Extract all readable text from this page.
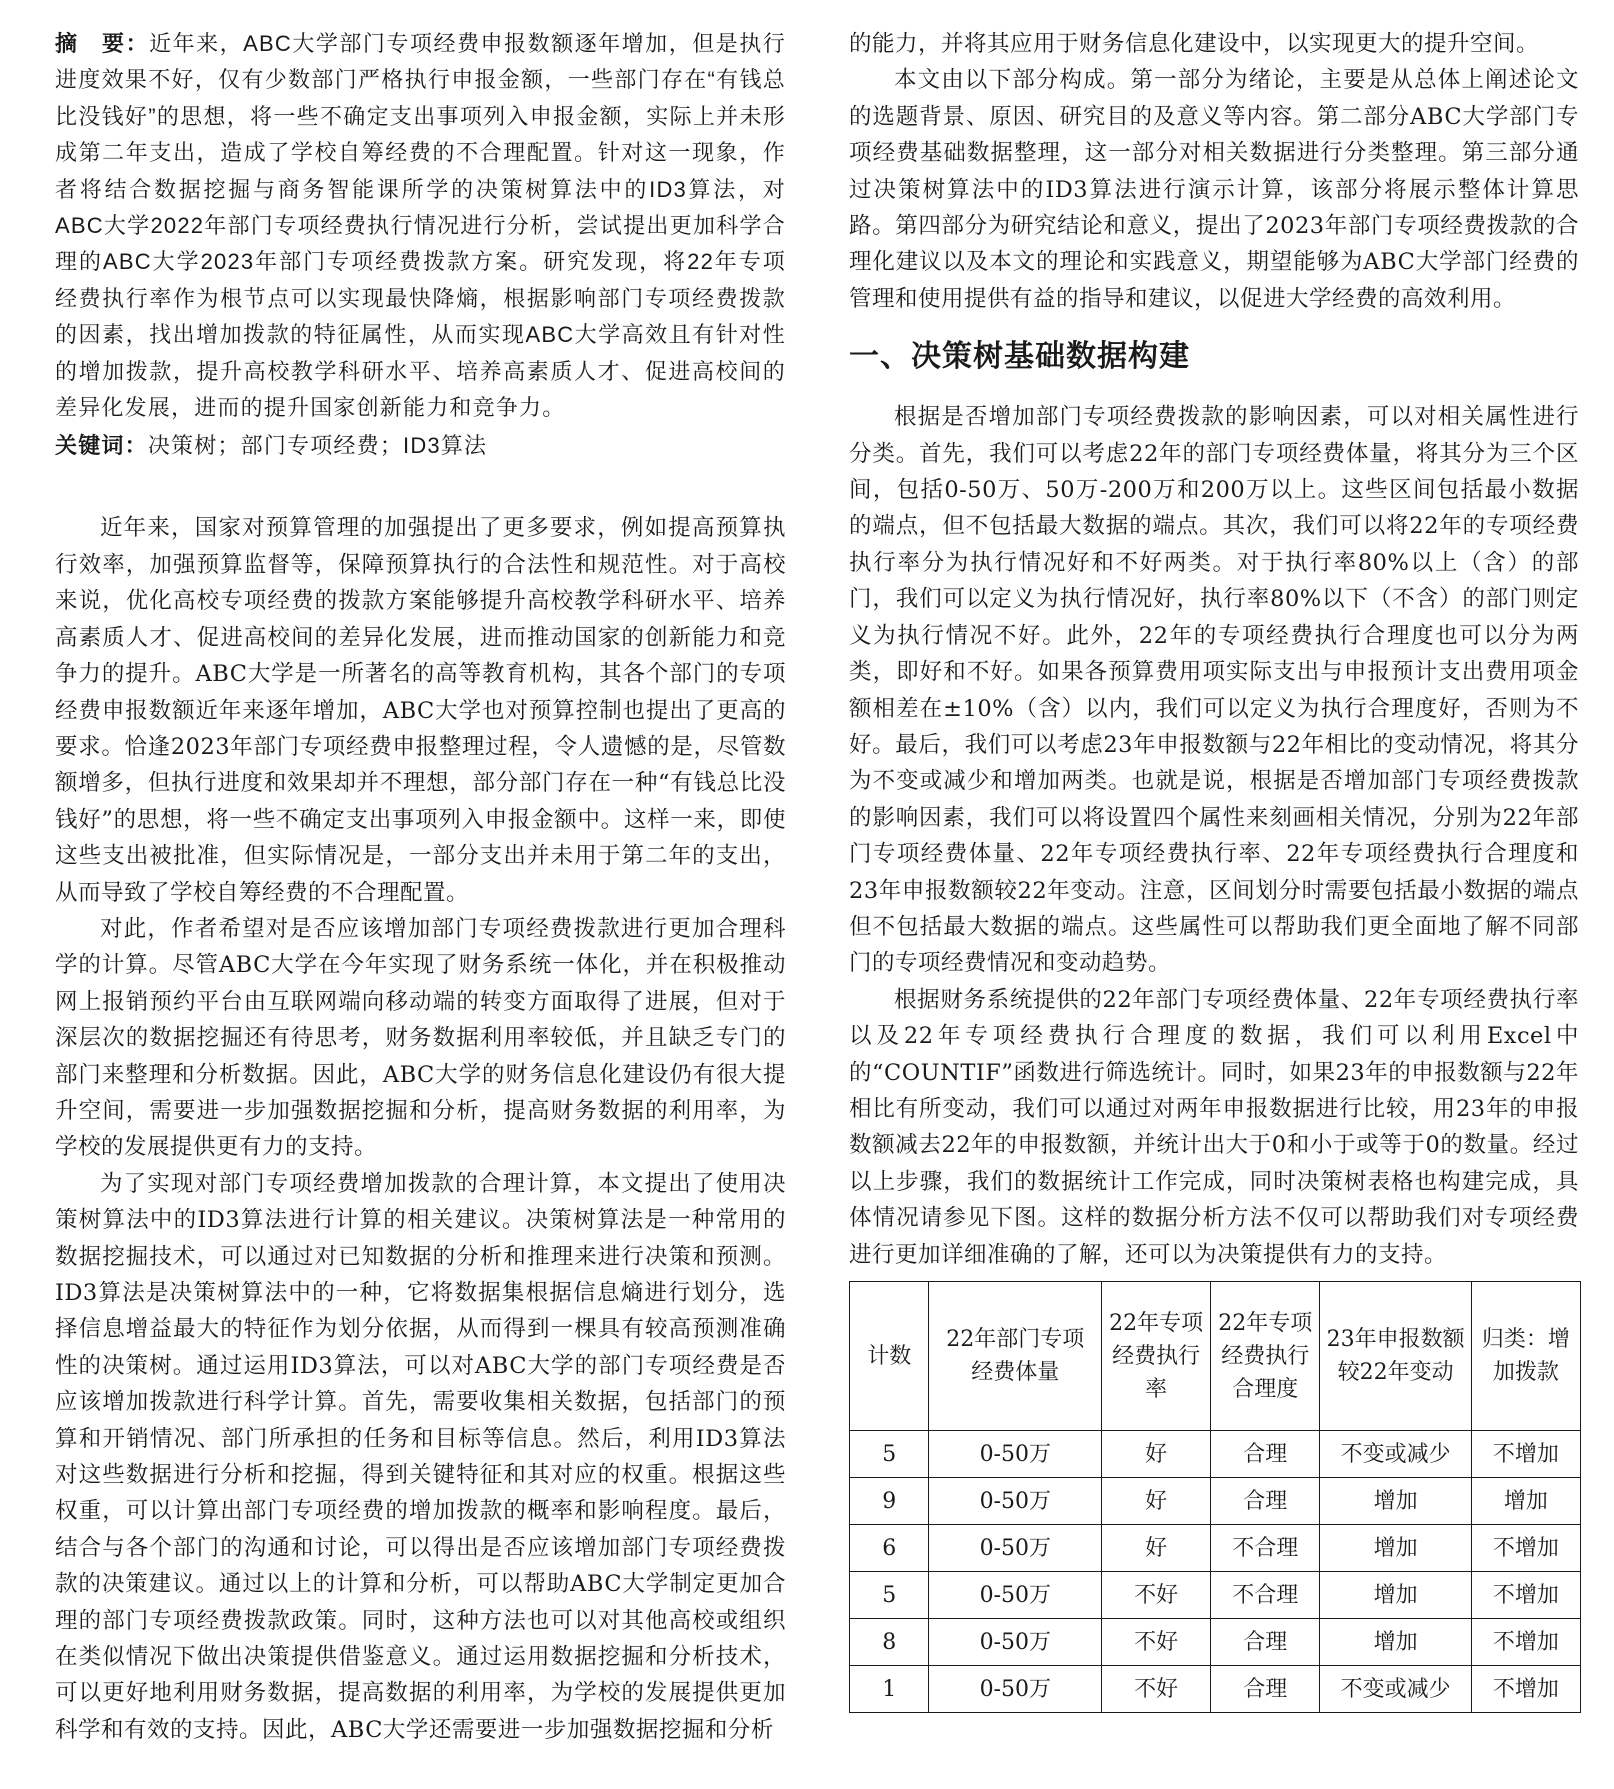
摘　要：近年来，ABC大学部门专项经费申报数额逐年增加，但是执行进度效果不好，仅有少数部门严格执行申报金额，一些部门存在“有钱总比没钱好”的思想，将一些不确定支出事项列入申报金额，实际上并未形成第二年支出，造成了学校自筹经费的不合理配置。针对这一现象，作者将结合数据挖掘与商务智能课所学的决策树算法中的ID3算法，对ABC大学2022年部门专项经费执行情况进行分析，尝试提出更加科学合理的ABC大学2023年部门专项经费拨款方案。研究发现，将22年专项经费执行率作为根节点可以实现最快降熵，根据影响部门专项经费拨款的因素，找出增加拨款的特征属性，从而实现ABC大学高效且有针对性的增加拨款，提升高校教学科研水平、培养高素质人才、促进高校间的差异化发展，进而的提升国家创新能力和竞争力。

关键词：决策树；部门专项经费；ID3算法

近年来，国家对预算管理的加强提出了更多要求，例如提高预算执行效率，加强预算监督等，保障预算执行的合法性和规范性。对于高校来说，优化高校专项经费的拨款方案能够提升高校教学科研水平、培养高素质人才、促进高校间的差异化发展，进而推动国家的创新能力和竞争力的提升。ABC大学是一所著名的高等教育机构，其各个部门的专项经费申报数额近年来逐年增加，ABC大学也对预算控制也提出了更高的要求。恰逢2023年部门专项经费申报整理过程，令人遗憾的是，尽管数额增多，但执行进度和效果却并不理想，部分部门存在一种“有钱总比没钱好”的思想，将一些不确定支出事项列入申报金额中。这样一来，即使这些支出被批准，但实际情况是，一部分支出并未用于第二年的支出，从而导致了学校自筹经费的不合理配置。

对此，作者希望对是否应该增加部门专项经费拨款进行更加合理科学的计算。尽管ABC大学在今年实现了财务系统一体化，并在积极推动网上报销预约平台由互联网端向移动端的转变方面取得了进展，但对于深层次的数据挖掘还有待思考，财务数据利用率较低，并且缺乏专门的部门来整理和分析数据。因此，ABC大学的财务信息化建设仍有很大提升空间，需要进一步加强数据挖掘和分析，提高财务数据的利用率，为学校的发展提供更有力的支持。

为了实现对部门专项经费增加拨款的合理计算，本文提出了使用决策树算法中的ID3算法进行计算的相关建议。决策树算法是一种常用的数据挖掘技术，可以通过对已知数据的分析和推理来进行决策和预测。ID3算法是决策树算法中的一种，它将数据集根据信息熵进行划分，选择信息增益最大的特征作为划分依据，从而得到一棵具有较高预测准确性的决策树。通过运用ID3算法，可以对ABC大学的部门专项经费是否应该增加拨款进行科学计算。首先，需要收集相关数据，包括部门的预算和开销情况、部门所承担的任务和目标等信息。然后，利用ID3算法对这些数据进行分析和挖掘，得到关键特征和其对应的权重。根据这些权重，可以计算出部门专项经费的增加拨款的概率和影响程度。最后，结合与各个部门的沟通和讨论，可以得出是否应该增加部门专项经费拨款的决策建议。通过以上的计算和分析，可以帮助ABC大学制定更加合理的部门专项经费拨款政策。同时，这种方法也可以对其他高校或组织在类似情况下做出决策提供借鉴意义。通过运用数据挖掘和分析技术，可以更好地利用财务数据，提高数据的利用率，为学校的发展提供更加科学和有效的支持。因此，ABC大学还需要进一步加强数据挖掘和分析

的能力，并将其应用于财务信息化建设中，以实现更大的提升空间。

本文由以下部分构成。第一部分为绪论，主要是从总体上阐述论文的选题背景、原因、研究目的及意义等内容。第二部分ABC大学部门专项经费基础数据整理，这一部分对相关数据进行分类整理。第三部分通过决策树算法中的ID3算法进行演示计算，该部分将展示整体计算思路。第四部分为研究结论和意义，提出了2023年部门专项经费拨款的合理化建议以及本文的理论和实践意义，期望能够为ABC大学部门经费的管理和使用提供有益的指导和建议，以促进大学经费的高效利用。

一、决策树基础数据构建

根据是否增加部门专项经费拨款的影响因素，可以对相关属性进行分类。首先，我们可以考虑22年的部门专项经费体量，将其分为三个区间，包括0-50万、50万-200万和200万以上。这些区间包括最小数据的端点，但不包括最大数据的端点。其次，我们可以将22年的专项经费执行率分为执行情况好和不好两类。对于执行率80%以上（含）的部门，我们可以定义为执行情况好，执行率80%以下（不含）的部门则定义为执行情况不好。此外，22年的专项经费执行合理度也可以分为两类，即好和不好。如果各预算费用项实际支出与申报预计支出费用项金额相差在±10%（含）以内，我们可以定义为执行合理度好，否则为不好。最后，我们可以考虑23年申报数额与22年相比的变动情况，将其分为不变或减少和增加两类。也就是说，根据是否增加部门专项经费拨款的影响因素，我们可以将设置四个属性来刻画相关情况，分别为22年部门专项经费体量、22年专项经费执行率、22年专项经费执行合理度和23年申报数额较22年变动。注意，区间划分时需要包括最小数据的端点但不包括最大数据的端点。这些属性可以帮助我们更全面地了解不同部门的专项经费情况和变动趋势。

根据财务系统提供的22年部门专项经费体量、22年专项经费执行率以及22年专项经费执行合理度的数据，我们可以利用Excel中的“COUNTIF”函数进行筛选统计。同时，如果23年的申报数额与22年相比有所变动，我们可以通过对两年申报数据进行比较，用23年的申报数额减去22年的申报数额，并统计出大于0和小于或等于0的数量。经过以上步骤，我们的数据统计工作完成，同时决策树表格也构建完成，具体情况请参见下图。这样的数据分析方法不仅可以帮助我们对专项经费进行更加详细准确的了解，还可以为决策提供有力的支持。

计数	22年部门专项经费体量	22年专项经费执行率	22年专项经费执行合理度	23年申报数额较22年变动	归类：增加拨款
5	0-50万	好	合理	不变或减少	不增加
9	0-50万	好	合理	增加	增加
6	0-50万	好	不合理	增加	不增加
5	0-50万	不好	不合理	增加	不增加
8	0-50万	不好	合理	增加	不增加
1	0-50万	不好	合理	不变或减少	不增加
